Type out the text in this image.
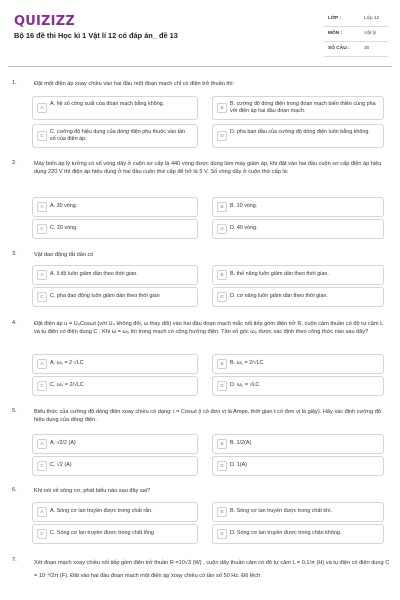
QUIZIZZ
Bộ 16 đề thi Học kì 1 Vật lí 12 có đáp án_ đề 13
LỚP :	Lớp 12
MÔN :	Vật lý
SỐ CÂU :	30
1.	Đặt một điện áp xoay chiều vào hai đầu một đoạn mạch chỉ có điện trở thuần thì:
A
A. hệ số công suất của đoạn mạch bằng không.
B
B. cường độ dòng điện trong đoạn mạch biến thiên cùng pha với điện áp hai đầu đoạn mạch.
C
C. cường độ hiệu dụng của dòng điện phụ thuộc vào tần số của điện áp.
D
D. pha ban đầu của cường độ dòng điện luôn bằng không.
2.	Máy biến áp lý tưởng có số vòng dây ở cuộn sơ cấp là 440 vòng được dùng làm máy giảm áp, khi đặt vào hai đầu cuộn sơ cấp điện áp hiệu dụng 220 V thì điện áp hiệu dụng ở hai đầu cuộn thứ cấp để hở là 5 V. Số vòng dây ở cuộn thứ cấp là:
A	A. 30 vòng.	B	B. 10 vòng.
C	C. 20 vòng.	D	D. 40 vòng.
3.	Vật dao động tắt dần có
A	A. li độ luôn giảm dần theo thời gian.	B	B. thế năng luôn giảm dần theo thời gian.
C	C. pha dao động luôn giảm dần theo thời gian	D	D. cơ năng luôn giảm dần theo thời gian.
4.	Đặt điện áp u = U₀Cosωt (với U₀ không đổi, ω thay đổi) vào hai đầu đoạn mạch mắc nối tiếp gồm điện trở R, cuộn cảm thuần có độ tự cảm L và tụ điện có điện dung C . Khi ω = ω₀ thì trong mạch có cộng hưởng điện. Tần số góc ω₀ được xác định theo công thức nào sau đây?
A	A. ω₀ = 2 √LC	B	B. ω₀ = 2/√LC
C	C. ω₀ = 2/√LC	D	D. ω₀ = √LC
5.	Biểu thức của cường độ dòng điện xoay chiều có dạng: i = Cosωt (i có đơn vị là Ampe, thời gian t có đơn vị là giây). Hãy xác định cường độ hiệu dụng của dòng điện.
A	A. √2/2 (A)	B	B. 1/2(A)
C	C. √2 (A)	D	D. 1(A)
6.	Khi nói về sóng cơ, phát biểu nào sau đây sai?
A	A. Sóng cơ lan truyền được trong chất rắn.	B	B. Sóng cơ lan truyền được trong chất khí.
C	C. Sóng cơ lan truyền được trong chất lỏng	D	D. Sóng cơ lan truyền được trong chân không.
7.	Xét đoạn mạch xoay chiều nối tiếp gồm điện trở thuần R =10√3 (W) , cuộn dây thuần cảm có độ tự cảm L = 0,1/π (H) và tụ điện có điện dung C = 10⁻³/2π (F). Đặt vào hai đầu đoạn mạch một điện áp xoay chiều có tần số 50 Hz. Độ lệch
